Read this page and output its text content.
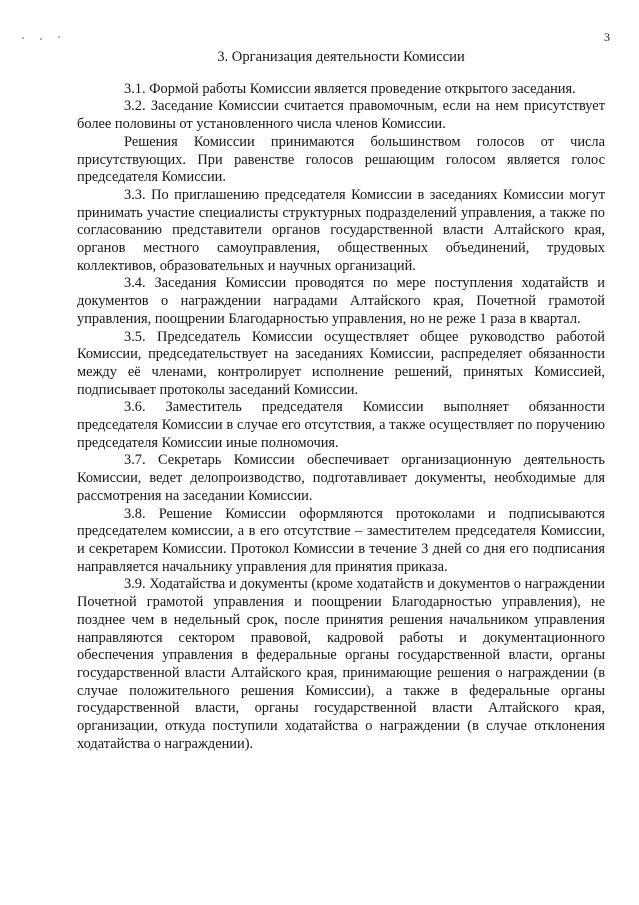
3
3. Организация деятельности Комиссии

3.1. Формой работы Комиссии является проведение открытого заседания.

3.2. Заседание Комиссии считается правомочным, если на нем присутствует более половины от установленного числа членов Комиссии.

Решения Комиссии принимаются большинством голосов от числа присутствующих. При равенстве голосов решающим голосом является голос председателя Комиссии.

3.3. По приглашению председателя Комиссии в заседаниях Комиссии могут принимать участие специалисты структурных подразделений управления, а также по согласованию представители органов государственной власти Алтайского края, органов местного самоуправления, общественных объединений, трудовых коллективов, образовательных и научных организаций.

3.4. Заседания Комиссии проводятся по мере поступления ходатайств и документов о награждении наградами Алтайского края, Почетной грамотой управления, поощрении Благодарностью управления, но не реже 1 раза в квартал.

3.5. Председатель Комиссии осуществляет общее руководство работой Комиссии, председательствует на заседаниях Комиссии, распределяет обязанности между её членами, контролирует исполнение решений, принятых Комиссией, подписывает протоколы заседаний Комиссии.

3.6. Заместитель председателя Комиссии выполняет обязанности председателя Комиссии в случае его отсутствия, а также осуществляет по поручению председателя Комиссии иные полномочия.

3.7. Секретарь Комиссии обеспечивает организационную деятельность Комиссии, ведет делопроизводство, подготавливает документы, необходимые для рассмотрения на заседании Комиссии.

3.8. Решение Комиссии оформляются протоколами и подписываются председателем комиссии, а в его отсутствие – заместителем председателя Комиссии, и секретарем Комиссии. Протокол Комиссии в течение 3 дней со дня его подписания направляется начальнику управления для принятия приказа.

3.9. Ходатайства и документы (кроме ходатайств и документов о награждении Почетной грамотой управления и поощрении Благодарностью управления), не позднее чем в недельный срок, после принятия решения начальником управления направляются сектором правовой, кадровой работы и документационного обеспечения управления в федеральные органы государственной власти, органы государственной власти Алтайского края, принимающие решения о награждении (в случае положительного решения Комиссии), а также в федеральные органы государственной власти, органы государственной власти Алтайского края, организации, откуда поступили ходатайства о награждении (в случае отклонения ходатайства о награждении).
